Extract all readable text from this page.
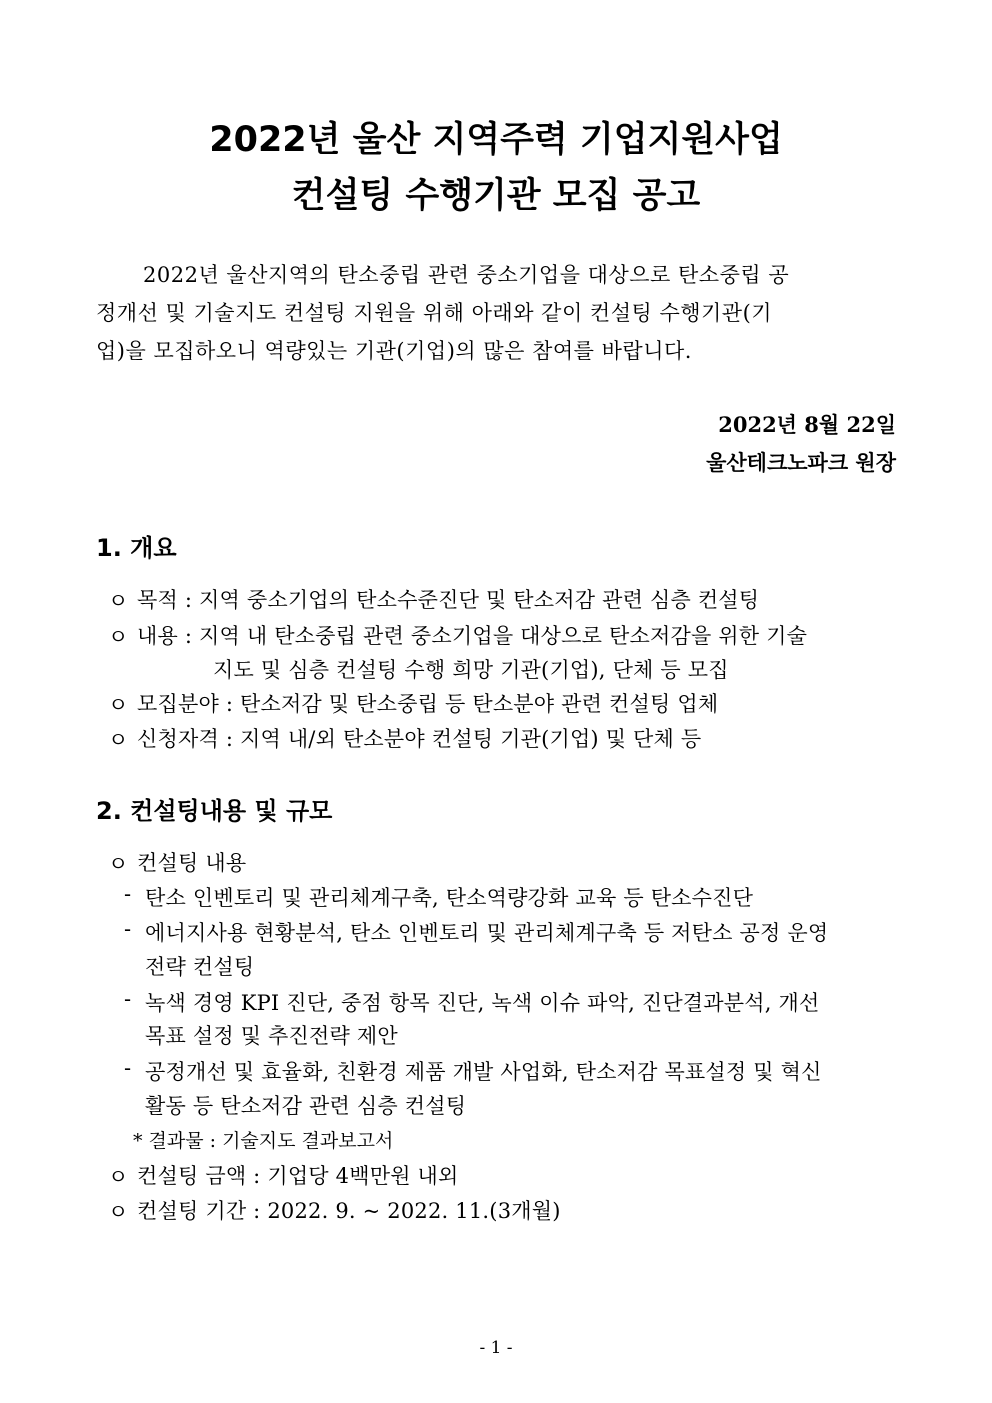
2022년 울산 지역주력 기업지원사업
컨설팅 수행기관 모집 공고
2022년 울산지역의 탄소중립 관련 중소기업을 대상으로 탄소중립 공
정개선 및 기술지도 컨설팅 지원을 위해 아래와 같이 컨설팅 수행기관(기
업)을 모집하오니 역량있는 기관(기업)의 많은 참여를 바랍니다.
2022년 8월 22일
울산테크노파크 원장
1. 개요
ㅇ 목적 : 지역 중소기업의 탄소수준진단 및 탄소저감 관련 심층 컨설팅
ㅇ 내용 : 지역 내 탄소중립 관련 중소기업을 대상으로 탄소저감을 위한 기술
지도 및 심층 컨설팅 수행 희망 기관(기업), 단체 등 모집
ㅇ 모집분야 : 탄소저감 및 탄소중립 등 탄소분야 관련 컨설팅 업체
ㅇ 신청자격 : 지역 내/외 탄소분야 컨설팅 기관(기업) 및 단체 등
2. 컨설팅내용 및 규모
ㅇ 컨설팅 내용
- 탄소 인벤토리 및 관리체계구축, 탄소역량강화 교육 등 탄소수진단
- 에너지사용 현황분석, 탄소 인벤토리 및 관리체계구축 등 저탄소 공정 운영
전략 컨설팅
- 녹색 경영 KPI 진단, 중점 항목 진단, 녹색 이슈 파악, 진단결과분석, 개선
목표 설정 및 추진전략 제안
- 공정개선 및 효율화, 친환경 제품 개발 사업화, 탄소저감 목표설정 및 혁신
활동 등 탄소저감 관련 심층 컨설팅
* 결과물 : 기술지도 결과보고서
ㅇ 컨설팅 금액 : 기업당 4백만원 내외
ㅇ 컨설팅 기간 : 2022. 9. ~ 2022. 11.(3개월)
- 1 -
